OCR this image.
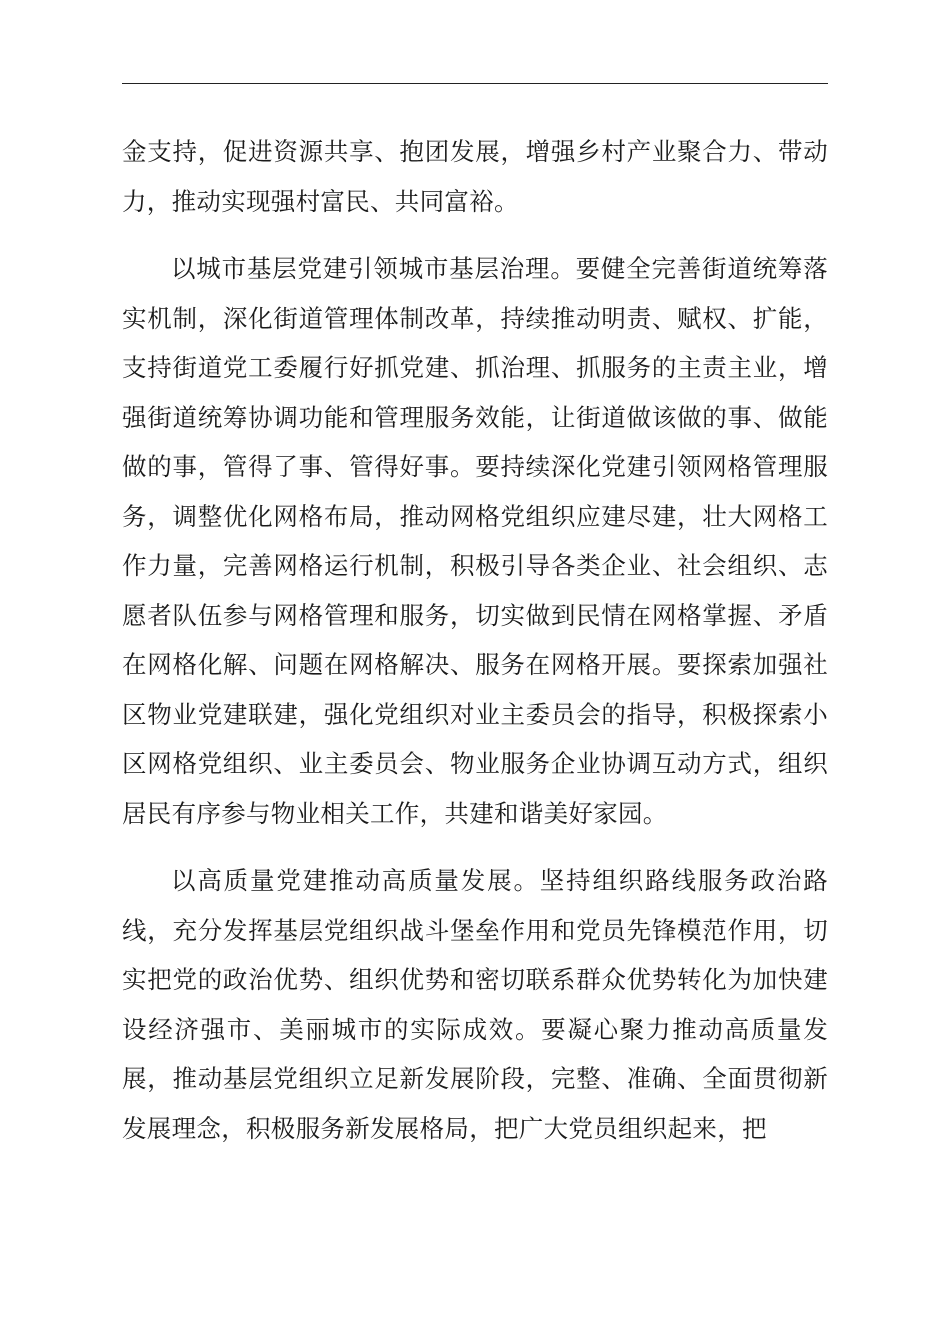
金支持，促进资源共享、抱团发展，增强乡村产业聚合力、带动力，推动实现强村富民、共同富裕。

以城市基层党建引领城市基层治理。要健全完善街道统筹落实机制，深化街道管理体制改革，持续推动明责、赋权、扩能，支持街道党工委履行好抓党建、抓治理、抓服务的主责主业，增强街道统筹协调功能和管理服务效能，让街道做该做的事、做能做的事，管得了事、管得好事。要持续深化党建引领网格管理服务，调整优化网格布局，推动网格党组织应建尽建，壮大网格工作力量，完善网格运行机制，积极引导各类企业、社会组织、志愿者队伍参与网格管理和服务，切实做到民情在网格掌握、矛盾在网格化解、问题在网格解决、服务在网格开展。要探索加强社区物业党建联建，强化党组织对业主委员会的指导，积极探索小区网格党组织、业主委员会、物业服务企业协调互动方式，组织居民有序参与物业相关工作，共建和谐美好家园。

以高质量党建推动高质量发展。坚持组织路线服务政治路线，充分发挥基层党组织战斗堡垒作用和党员先锋模范作用，切实把党的政治优势、组织优势和密切联系群众优势转化为加快建设经济强市、美丽城市的实际成效。要凝心聚力推动高质量发展，推动基层党组织立足新发展阶段，完整、准确、全面贯彻新发展理念，积极服务新发展格局，把广大党员组织起来，把
